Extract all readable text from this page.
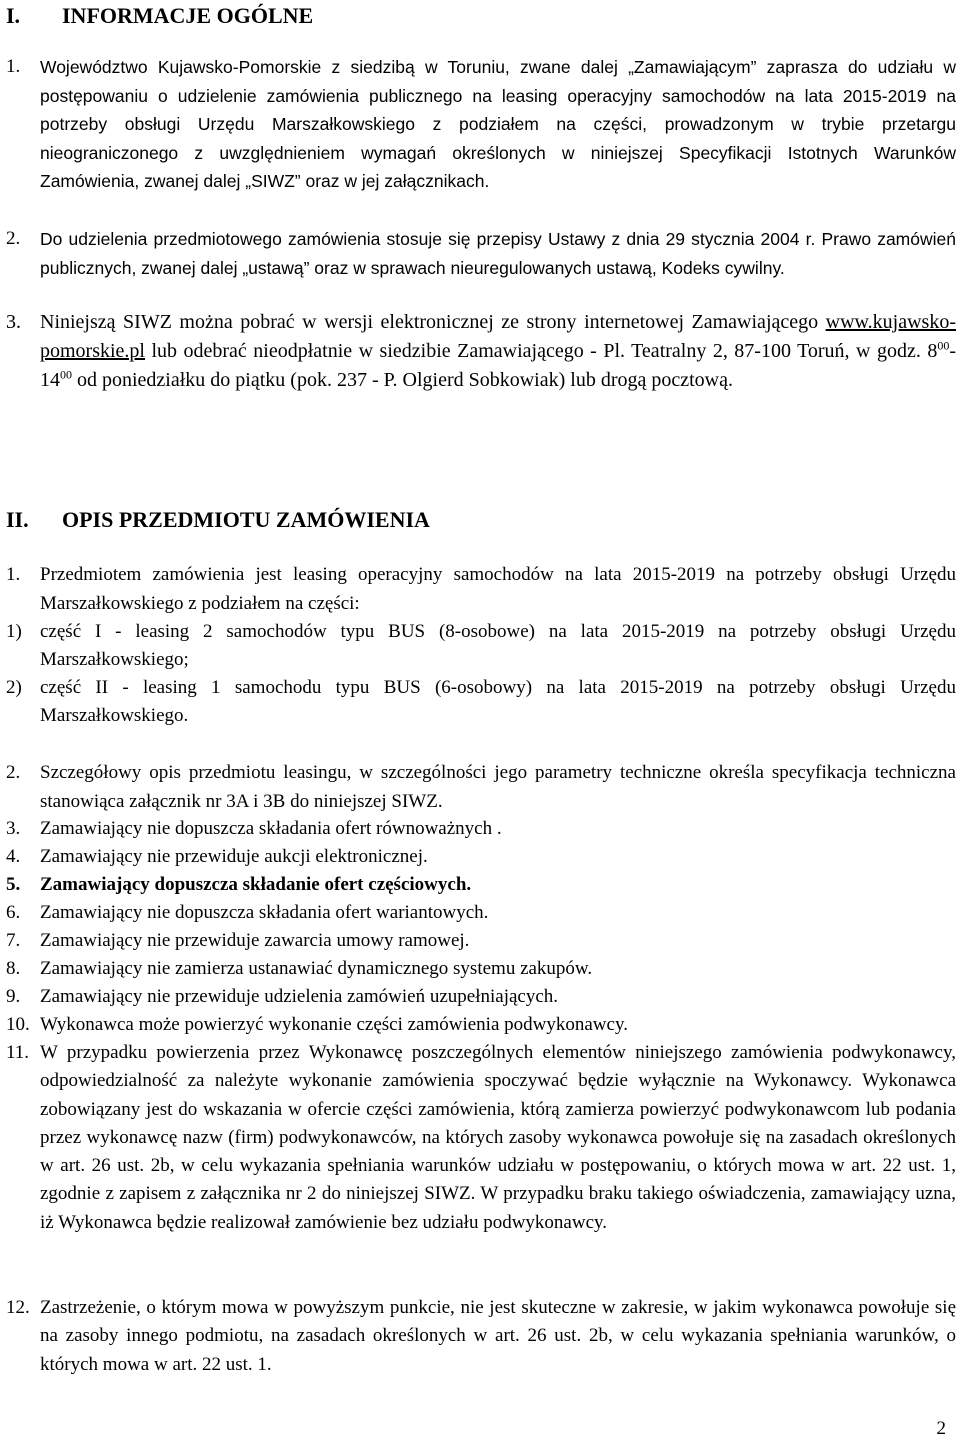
I. INFORMACJE OGÓLNE
1.	Województwo Kujawsko-Pomorskie z siedzibą w Toruniu, zwane dalej „Zamawiającym” zaprasza do udziału w postępowaniu o udzielenie zamówienia publicznego na leasing operacyjny samochodów na lata 2015-2019 na potrzeby obsługi Urzędu Marszałkowskiego z podziałem na części, prowadzonym w trybie przetargu nieograniczonego z uwzględnieniem wymagań określonych w niniejszej Specyfikacji Istotnych Warunków Zamówienia, zwanej dalej „SIWZ” oraz w jej załącznikach.
2.	Do udzielenia przedmiotowego zamówienia stosuje się przepisy Ustawy z dnia 29 stycznia 2004 r. Prawo zamówień publicznych, zwanej dalej „ustawą” oraz w sprawach nieuregulowanych ustawą, Kodeks cywilny.
3. Niniejszą SIWZ można pobrać w wersji elektronicznej ze strony internetowej Zamawiającego www.kujawsko-pomorskie.pl lub odebrać nieodpłatnie w siedzibie Zamawiającego - Pl. Teatralny 2, 87-100 Toruń, w godz. $8^{00}-14^{00}$ od poniedziałku do piątku (pok. 237 - P. Olgierd Sobkowiak) lub drogą pocztową.
II. OPIS PRZEDMIOTU ZAMÓWIENIA
1.	Przedmiotem zamówienia jest leasing operacyjny samochodów na lata 2015-2019 na potrzeby obsługi Urzędu Marszałkowskiego z podziałem na części:
1) część I - leasing 2 samochodów typu BUS (8-osobowe) na lata 2015-2019 na potrzeby obsługi Urzędu Marszałkowskiego;
2) część II - leasing 1 samochodu typu BUS (6-osobowy) na lata 2015-2019 na potrzeby obsługi Urzędu Marszałkowskiego.
2.	Szczegółowy opis przedmiotu leasingu, w szczególności jego parametry techniczne określa specyfikacja techniczna stanowiąca załącznik nr 3A i 3B do niniejszej SIWZ.
3.	Zamawiający nie dopuszcza składania ofert równoważnych .
4.	Zamawiający nie przewiduje aukcji elektronicznej.
5.	Zamawiający dopuszcza składanie ofert częściowych.
6.	Zamawiający nie dopuszcza składania ofert wariantowych.
7.	Zamawiający nie przewiduje zawarcia umowy ramowej.
8.	Zamawiający nie zamierza ustanawiać dynamicznego systemu zakupów.
9.	Zamawiający nie przewiduje udzielenia zamówień uzupełniających.
10. Wykonawca może powierzyć wykonanie części zamówienia podwykonawcy.
11. W przypadku powierzenia przez Wykonawcę poszczególnych elementów niniejszego zamówienia podwykonawcy, odpowiedzialność za należyte wykonanie zamówienia spoczywać będzie wyłącznie na Wykonawcy. Wykonawca zobowiązany jest do wskazania w ofercie części zamówienia, którą zamierza powierzyć podwykonawcom lub podania przez wykonawcę nazw (firm) podwykonawców, na których zasoby wykonawca powołuje się na zasadach określonych w art. 26 ust. 2b, w celu wykazania spełniania warunków udziału w postępowaniu, o których mowa w art. 22 ust. 1, zgodnie z zapisem z załącznika nr 2 do niniejszej SIWZ. W przypadku braku takiego oświadczenia, zamawiający uzna, iż Wykonawca będzie realizował zamówienie bez udziału podwykonawcy.
12. Zastrzeżenie, o którym mowa w powyższym punkcie, nie jest skuteczne w zakresie, w jakim wykonawca powołuje się na zasoby innego podmiotu, na zasadach określonych w art. 26 ust. 2b, w celu wykazania spełniania warunków, o których mowa w art. 22 ust. 1.
2
